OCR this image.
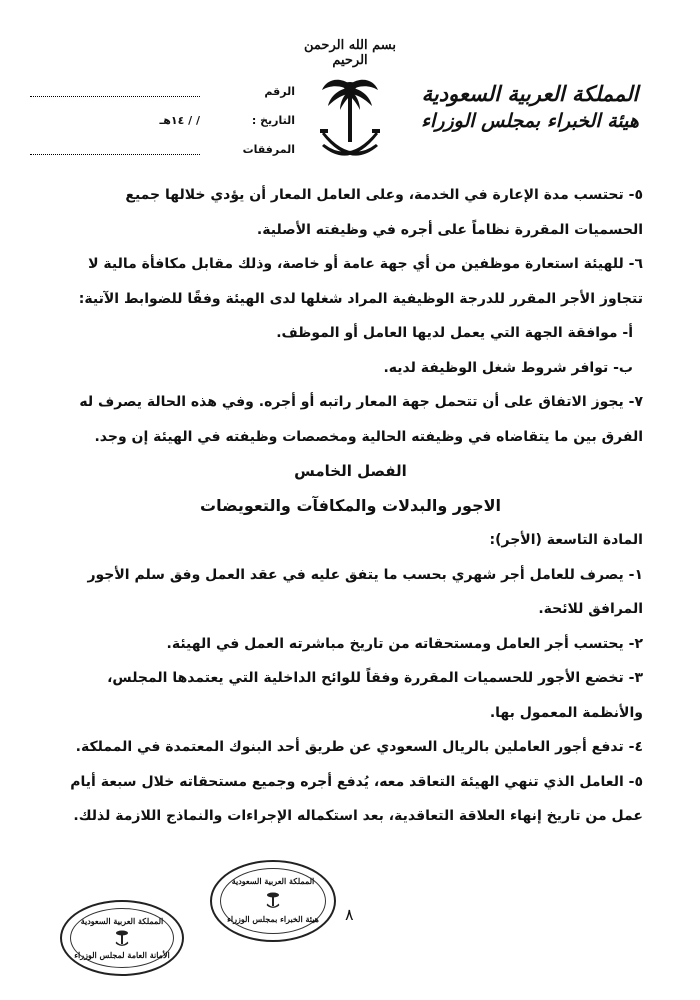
بسم الله الرحمن الرحيم
المملكة العربية السعودية
هيئة الخبراء بمجلس الوزراء
الرقم
التاريخ :
/ / ١٤هـ
المرفقات

٥- تحتسب مدة الإعارة في الخدمة، وعلى العامل المعار أن يؤدي خلالها جميع

الحسميات المقررة نظاماً على أجره في وظيفته الأصلية.

٦- للهيئة استعارة موظفين من أي جهة عامة أو خاصة، وذلك مقابل مكافأة مالية لا

تتجاوز الأجر المقرر للدرجة الوظيفية المراد شغلها لدى الهيئة وفقًا للضوابط الآتية:

أ- موافقة الجهة التي يعمل لديها العامل أو الموظف.

ب- توافر شروط شغل الوظيفة لديه.

٧- يجوز الاتفاق على أن تتحمل جهة المعار راتبه أو أجره. وفي هذه الحالة يصرف له

الفرق بين ما يتقاضاه في وظيفته الحالية ومخصصات وظيفته في الهيئة إن وجد.

الفصل الخامس

الاجور والبدلات والمكافآت والتعويضات

المادة التاسعة (الأجر):

١- يصرف للعامل أجر شهري بحسب ما يتفق عليه في عقد العمل وفق سلم الأجور

المرافق للائحة.

٢- يحتسب أجر العامل ومستحقاته من تاريخ مباشرته العمل في الهيئة.

٣- تخضع الأجور للحسميات المقررة وفقاً للوائح الداخلية التي يعتمدها المجلس،

والأنظمة المعمول بها.

٤- تدفع أجور العاملين بالريال السعودي عن طريق أحد البنوك المعتمدة في المملكة.

٥- العامل الذي تنهي الهيئة التعاقد معه، يُدفع أجره وجميع مستحقاته خلال سبعة أيام

عمل من تاريخ إنهاء العلاقة التعاقدية، بعد استكماله الإجراءات والنماذج اللازمة لذلك.

٨
المملكة العربية السعودية
الأمانة العامة لمجلس الوزراء
المملكة العربية السعودية
هيئة الخبراء بمجلس الوزراء
